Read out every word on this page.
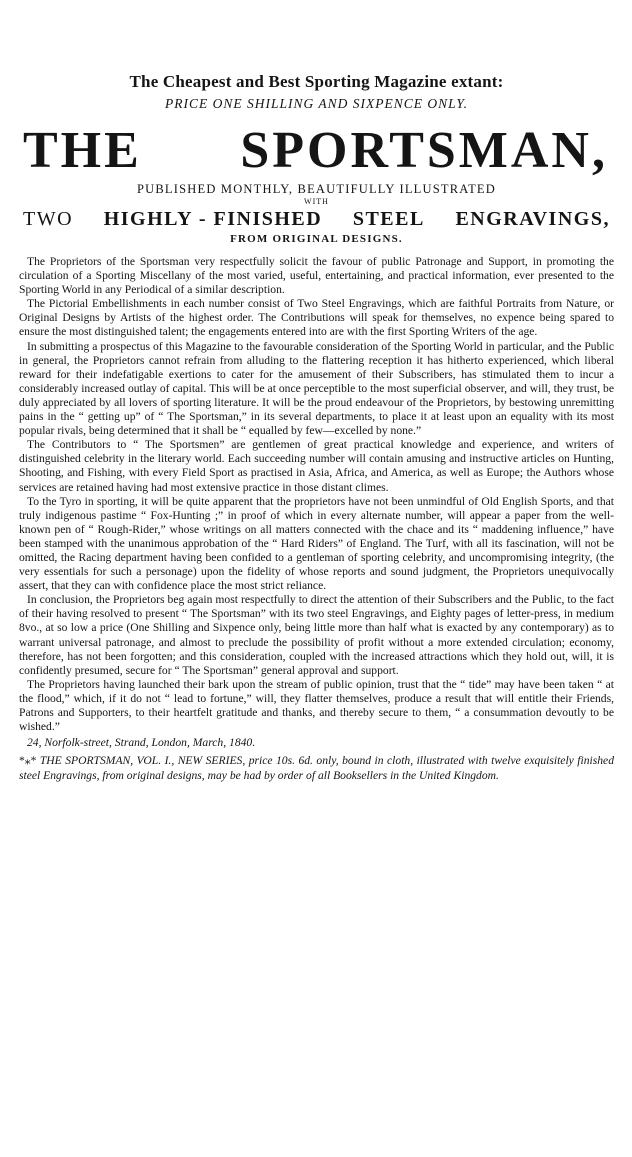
The Cheapest and Best Sporting Magazine extant:

PRICE ONE SHILLING AND SIXPENCE ONLY.

THE SPORTSMAN,

PUBLISHED MONTHLY, BEAUTIFULLY ILLUSTRATED

WITH

TWO HIGHLY - FINISHED STEEL ENGRAVINGS,

FROM ORIGINAL DESIGNS.

The Proprietors of the Sportsman very respectfully solicit the favour of public Patronage and Support, in promoting the circulation of a Sporting Miscellany of the most varied, useful, entertaining, and practical information, ever presented to the Sporting World in any Periodical of a similar description.

The Pictorial Embellishments in each number consist of Two Steel Engravings, which are faithful Portraits from Nature, or Original Designs by Artists of the highest order. The Contributions will speak for themselves, no expence being spared to ensure the most distinguished talent; the engagements entered into are with the first Sporting Writers of the age.

In submitting a prospectus of this Magazine to the favourable consideration of the Sporting World in particular, and the Public in general, the Proprietors cannot refrain from alluding to the flattering reception it has hitherto experienced, which liberal reward for their indefatigable exertions to cater for the amusement of their Subscribers, has stimulated them to incur a considerably increased outlay of capital. This will be at once perceptible to the most superficial observer, and will, they trust, be duly appreciated by all lovers of sporting literature. It will be the proud endeavour of the Proprietors, by bestowing unremitting pains in the “ getting up” of “ The Sportsman,” in its several departments, to place it at least upon an equality with its most popular rivals, being determined that it shall be “ equalled by few—excelled by none.”

The Contributors to “ The Sportsmen” are gentlemen of great practical knowledge and experience, and writers of distinguished celebrity in the literary world. Each succeeding number will contain amusing and instructive articles on Hunting, Shooting, and Fishing, with every Field Sport as practised in Asia, Africa, and America, as well as Europe; the Authors whose services are retained having had most extensive practice in those distant climes.

To the Tyro in sporting, it will be quite apparent that the proprietors have not been unmindful of Old English Sports, and that truly indigenous pastime “ Fox-Hunting ;” in proof of which in every alternate number, will appear a paper from the well-known pen of “ Rough-Rider,” whose writings on all matters connected with the chace and its “ maddening influence,” have been stamped with the unanimous approbation of the “ Hard Riders” of England. The Turf, with all its fascination, will not be omitted, the Racing department having been confided to a gentleman of sporting celebrity, and uncompromising integrity, (the very essentials for such a personage) upon the fidelity of whose reports and sound judgment, the Proprietors unequivocally assert, that they can with confidence place the most strict reliance.

In conclusion, the Proprietors beg again most respectfully to direct the attention of their Subscribers and the Public, to the fact of their having resolved to present “ The Sportsman” with its two steel Engravings, and Eighty pages of letter-press, in medium 8vo., at so low a price (One Shilling and Sixpence only, being little more than half what is exacted by any contemporary) as to warrant universal patronage, and almost to preclude the possibility of profit without a more extended circulation; economy, therefore, has not been forgotten; and this consideration, coupled with the increased attractions which they hold out, will, it is confidently presumed, secure for “ The Sportsman” general approval and support.

The Proprietors having launched their bark upon the stream of public opinion, trust that the “ tide” may have been taken “ at the flood,” which, if it do not “ lead to fortune,” will, they flatter themselves, produce a result that will entitle their Friends, Patrons and Supporters, to their heartfelt gratitude and thanks, and thereby secure to them, “ a consummation devoutly to be wished.”

24, Norfolk-street, Strand, London, March, 1840.

*⁎* THE SPORTSMAN, VOL. I., NEW SERIES, price 10s. 6d. only, bound in cloth, illustrated with twelve exquisitely finished steel Engravings, from original designs, may be had by order of all Booksellers in the United Kingdom.
